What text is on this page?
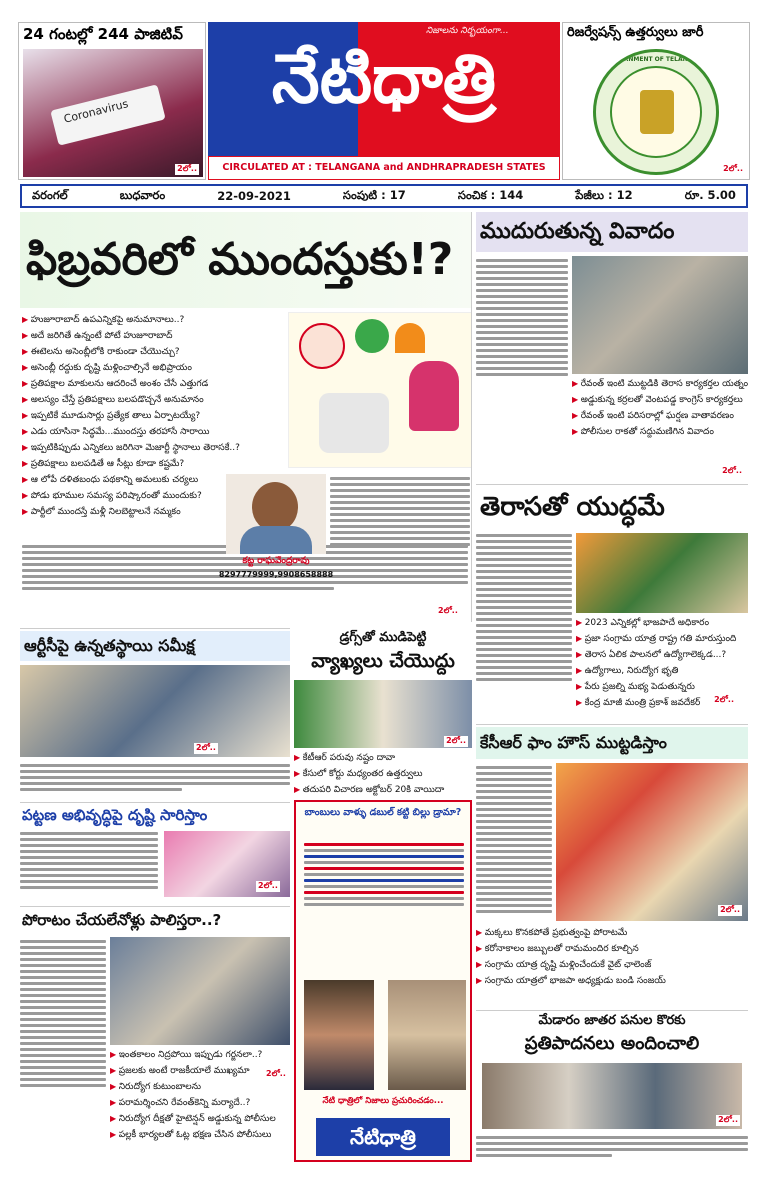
24 గంటల్లో 244 పాజిటివ్
Coronavirus
2లో..
నేటిధాత్రి
నిజాలను నిర్భయంగా...
CIRCULATED AT : TELANGANA and ANDHRAPRADESH STATES
రిజర్వేషన్స్ ఉత్తర్వులు జారీ
GOVERNMENT OF TELANGANA
2లో..
వరంగల్	బుధవారం	22-09-2021	సంపుటి : 17	సంచిక : 144	పేజీలు : 12	రూ. 5.00
ఫిబ్రవరిలో ముందస్తుకు!?
▶ హుజూరాబాద్ ఉపఎన్నికపై అనుమానాలు..?
▶ అదే జరిగితే ఉన్నంటే పోటే హుజూరాబాద్
▶ ఈటెలను అసెంబ్లీలోకి రాకుండా చేయొచ్చు?
▶ అసెంబ్లీ రద్దుకు దృష్టి మళ్లించాల్సినే అభిప్రాయం
▶ ప్రతిపక్షాల మాకులను ఆదరించే అంశం చేసే ఎత్తుగడ
▶ అలస్యం చేస్తే ప్రతిపక్షాలు బలపడొచ్చనే అనుమానం
▶ ఇప్పటికే మూడుసార్లు ప్రత్యేక తాలు ఏర్పాటయ్యే?
▶ ఎడు యాసినా సిద్ధమే...ముందస్తు తరహాసే సారాయి
▶ ఇప్పటికిప్పుడు ఎన్నికలు జరిగినా మెజార్టీ స్థానాలు తెరాసకే..?
▶ ప్రతిపక్షాలు బలపడితే ఆ సీట్లు కూడా కష్టమే?
▶ ఆ లోపే దళితబంధు పథకాన్ని అమలుకు చర్యలు
▶ పోడు భూముల సమస్య పరిష్కారంతో ముందుకు?
▶ పార్టీలో ముందస్తే మళ్లీ నిలబెట్టాలనే నమ్మకం
కట్ట రాఘవేంద్రరావు
8297779999,9908658888
2లో..
ముదురుతున్న వివాదం
▶ రేవంత్ ఇంటి ముట్టడికి తెరాస కార్యకర్తల యత్నం
▶ అడ్డుకున్న కర్రలతో వెంటపడ్డ కాంగ్రెస్ కార్యకర్తలు
▶ రేవంత్ ఇంటి పరిసరాల్లో ఘర్షణ వాతావరణం
▶ పోలీసుల రాకతో సద్దుమణిగిన వివాదం
2లో..
తెరాసతో యుద్ధమే
▶ 2023 ఎన్నికల్లో భాజపాదే అధికారం
▶ ప్రజా సంగ్రామ యాత్ర రాష్ట్ర గతి మారుస్తుంది
▶ తెరాస ఏలిక పాలనలో ఉద్యోగాలెక్కడ...?
▶ ఉద్యోగాలు, నిరుద్యోగ భృతి
▶ పేరు ప్రజల్ని మభ్య పెడుతున్నరు
▶ కేంద్ర మాజీ మంత్రి ప్రకాశ్ జవదేకర్	2లో..
ఆర్టీసీపై ఉన్నతస్థాయి సమీక్ష
2లో..
డ్రగ్స్‌తో ముడిపెట్టి
వ్యాఖ్యలు చేయొద్దు
▶ కేటీఆర్ పరువు నష్టం దావా
▶ కేసులో కోర్టు మధ్యంతర ఉత్తర్వులు
▶ తదుపరి విచారణ అక్టోబర్ 20కి వాయిదా
2లో..
పట్టణ అభివృద్ధిపై దృష్టి సారిస్తాం
2లో..
పోరాటం చేయలేనోళ్లు పాలిస్తరా..?
▶ ఇంతకాలం నిద్రపోయి ఇప్పుడు గర్జనలా..?
▶ ప్రజలకు అంటే రాజకీయాలే ముఖ్యమా
▶ నిరుద్యోగ కుటుంబాలను
▶ పరామర్శించని రేవంత్‌కెన్ని మర్యాదే..?
▶ నిరుద్యోగ దీక్షతో హైటెన్షన్ అడ్డుకున్న పోలీసుల
▶ పల్లకీ భార్యలతో ఓట్ల భక్షణ చేసిన పోలీసులు
2లో..
బాంబులు వాళ్ళు డబుల్ కట్టి బిల్లు డ్రామా?
నేటి ధాత్రిలో నిజాలు ప్రచురించడం...
నేటిధాత్రి
కేసీఆర్ ఫాం హౌస్ ముట్టడిస్తాం
▶ మక్కలు కొనకపోతే ప్రభుత్వంపై పోరాటమే
▶ కరోనాకాలం జబ్బులతో రామమందిర కూల్చిన
▶ సంగ్రామ యాత్ర దృష్టి మళ్లించేందుకే వైట్ ఛాలెంజ్
▶ సంగ్రామ యాత్రలో భాజపా అధ్యక్షుడు బండి సంజయ్
2లో..
మేడారం జాతర పనుల కొరకు
ప్రతిపాదనలు అందించాలి
2లో..
